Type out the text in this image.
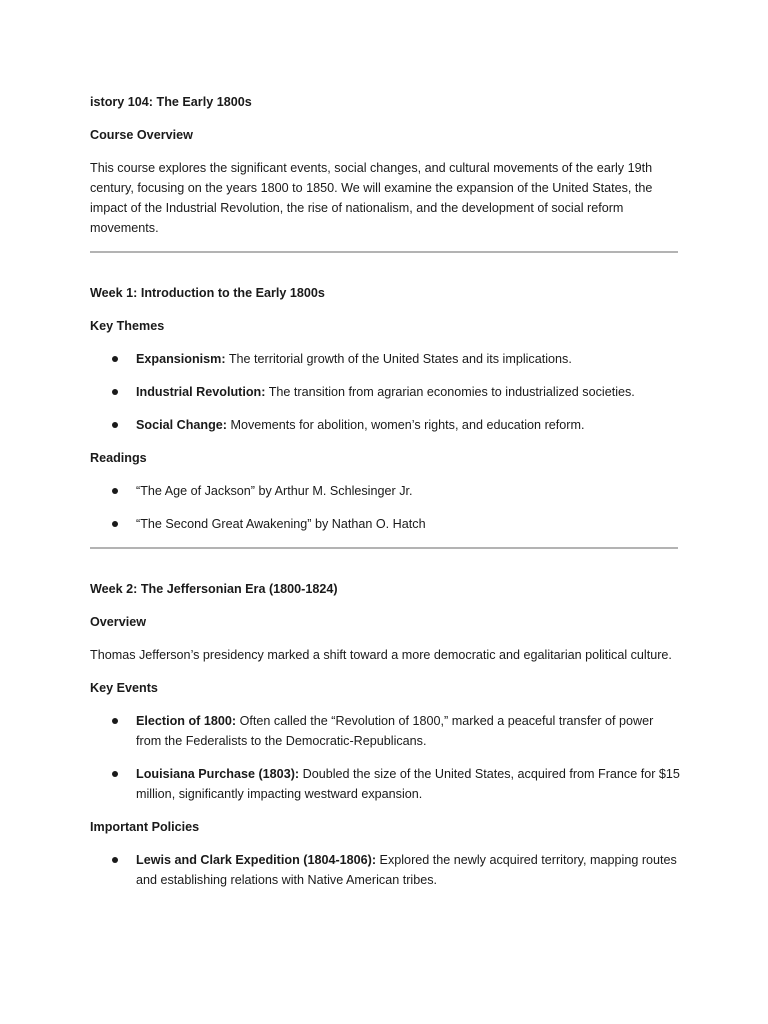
istory 104: The Early 1800s
Course Overview
This course explores the significant events, social changes, and cultural movements of the early 19th century, focusing on the years 1800 to 1850. We will examine the expansion of the United States, the impact of the Industrial Revolution, the rise of nationalism, and the development of social reform movements.
Week 1: Introduction to the Early 1800s
Key Themes
Expansionism: The territorial growth of the United States and its implications.
Industrial Revolution: The transition from agrarian economies to industrialized societies.
Social Change: Movements for abolition, women’s rights, and education reform.
Readings
“The Age of Jackson” by Arthur M. Schlesinger Jr.
“The Second Great Awakening” by Nathan O. Hatch
Week 2: The Jeffersonian Era (1800-1824)
Overview
Thomas Jefferson’s presidency marked a shift toward a more democratic and egalitarian political culture.
Key Events
Election of 1800: Often called the “Revolution of 1800,” marked a peaceful transfer of power from the Federalists to the Democratic-Republicans.
Louisiana Purchase (1803): Doubled the size of the United States, acquired from France for $15 million, significantly impacting westward expansion.
Important Policies
Lewis and Clark Expedition (1804-1806): Explored the newly acquired territory, mapping routes and establishing relations with Native American tribes.
